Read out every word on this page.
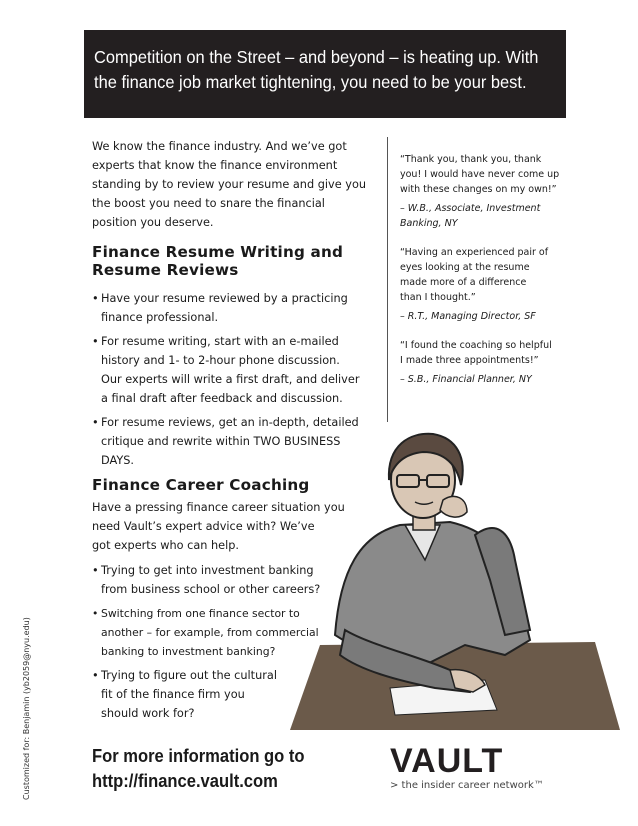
Competition on the Street – and beyond – is heating up. With
the finance job market tightening, you need to be your best.
We know the finance industry. And we’ve got
experts that know the finance environment
standing by to review your resume and give you
the boost you need to snare the financial
position you deserve.
Finance Resume Writing and
Resume Reviews
• Have your resume reviewed by a practicing
finance professional.
• For resume writing, start with an e-mailed
history and 1- to 2-hour phone discussion.
Our experts will write a first draft, and deliver
a final draft after feedback and discussion.
• For resume reviews, get an in-depth, detailed
critique and rewrite within TWO BUSINESS
DAYS.
Finance Career Coaching
Have a pressing finance career situation you
need Vault’s expert advice with? We’ve
got experts who can help.
• Trying to get into investment banking
from business school or other careers?
• Switching from one finance sector to
another – for example, from commercial
banking to investment banking?
• Trying to figure out the cultural
fit of the finance firm you
should work for?

“Thank you, thank you, thank

you! I would have never come up

with these changes on my own!”

– W.B., Associate, Investment

Banking, NY

“Having an experienced pair of

eyes looking at the resume

made more of a difference

than I thought.”

– R.T., Managing Director, SF

“I found the coaching so helpful

I made three appointments!”

– S.B., Financial Planner, NY

Customized for: Benjamin (yb2059@nyu.edu)	For more information go to
http://finance.vault.com
VAULT
> the insider career network™
